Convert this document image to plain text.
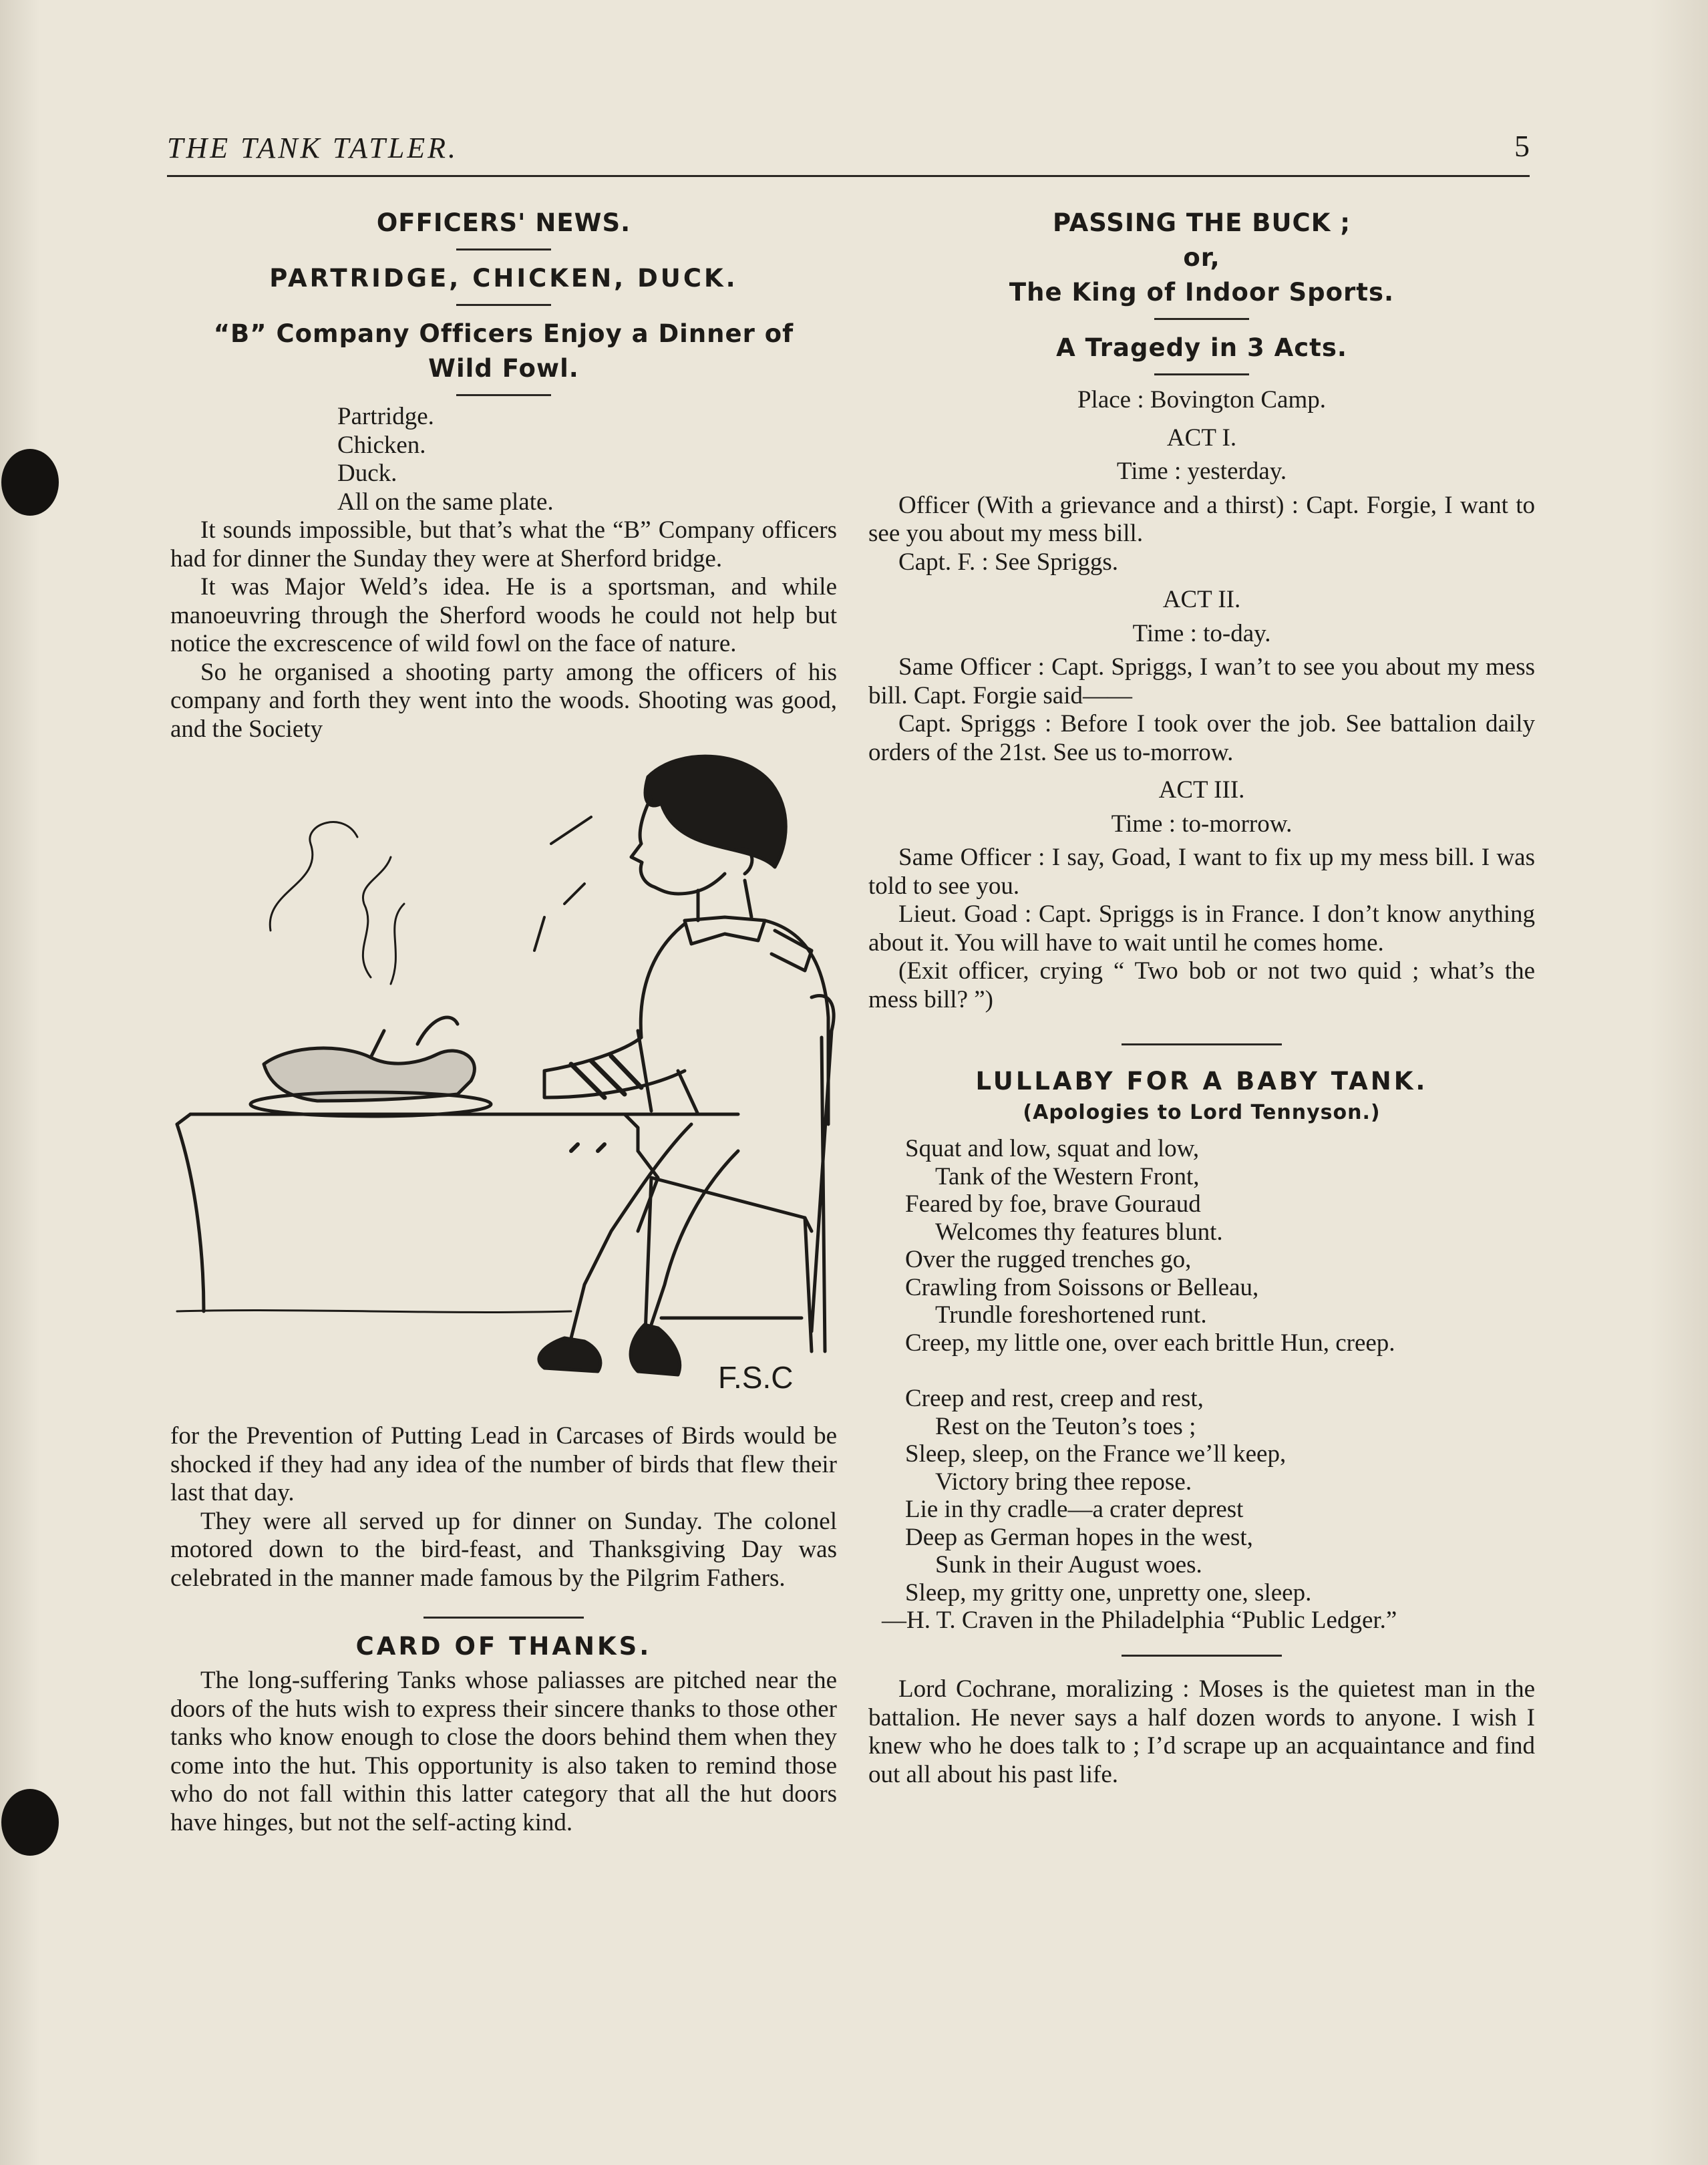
THE TANK TATLER.	5
OFFICERS' NEWS.
PARTRIDGE, CHICKEN, DUCK.
“B” Company Officers Enjoy a Dinner of Wild Fowl.
Partridge.
Chicken.
Duck.
All on the same plate.

It sounds impossible, but that’s what the “B” Company officers had for dinner the Sunday they were at Sherford bridge.

It was Major Weld’s idea. He is a sportsman, and while manoeuvring through the Sherford woods he could not help but notice the excrescence of wild fowl on the face of nature.

So he organised a shooting party among the officers of his company and forth they went into the woods. Shooting was good, and the Society

F.S.C

for the Prevention of Putting Lead in Carcases of Birds would be shocked if they had any idea of the number of birds that flew their last that day.

They were all served up for dinner on Sunday. The colonel motored down to the bird-feast, and Thanksgiving Day was celebrated in the manner made famous by the Pilgrim Fathers.

CARD OF THANKS.

The long-suffering Tanks whose paliasses are pitched near the doors of the huts wish to express their sincere thanks to those other tanks who know enough to close the doors behind them when they come into the hut. This opportunity is also taken to remind those who do not fall within this latter category that all the hut doors have hinges, but not the self-acting kind.

PASSING THE BUCK ;
or,
The King of Indoor Sports.
A Tragedy in 3 Acts.

Place : Bovington Camp.

ACT I.

Time : yesterday.

Officer (With a grievance and a thirst) : Capt. Forgie, I want to see you about my mess bill.

Capt. F. : See Spriggs.

ACT II.

Time : to-day.

Same Officer : Capt. Spriggs, I wan’t to see you about my mess bill. Capt. Forgie said——

Capt. Spriggs : Before I took over the job. See battalion daily orders of the 21st. See us to-morrow.

ACT III.

Time : to-morrow.

Same Officer : I say, Goad, I want to fix up my mess bill. I was told to see you.

Lieut. Goad : Capt. Spriggs is in France. I don’t know anything about it. You will have to wait until he comes home.

(Exit officer, crying “ Two bob or not two quid ; what’s the mess bill? ”)

LULLABY FOR A BABY TANK.
(Apologies to Lord Tennyson.)
Squat and low, squat and low,
Tank of the Western Front,
Feared by foe, brave Gouraud
Welcomes thy features blunt.
Over the rugged trenches go,
Crawling from Soissons or Belleau,
Trundle foreshortened runt.
Creep, my little one, over each brittle Hun, creep.
Creep and rest, creep and rest,
Rest on the Teuton’s toes ;
Sleep, sleep, on the France we’ll keep,
Victory bring thee repose.
Lie in thy cradle—a crater deprest
Deep as German hopes in the west,
Sunk in their August woes.
Sleep, my gritty one, unpretty one, sleep.
—H. T. Craven in the Philadelphia “Public Ledger.”

Lord Cochrane, moralizing : Moses is the quietest man in the battalion. He never says a half dozen words to anyone. I wish I knew who he does talk to ; I’d scrape up an acquaintance and find out all about his past life.
